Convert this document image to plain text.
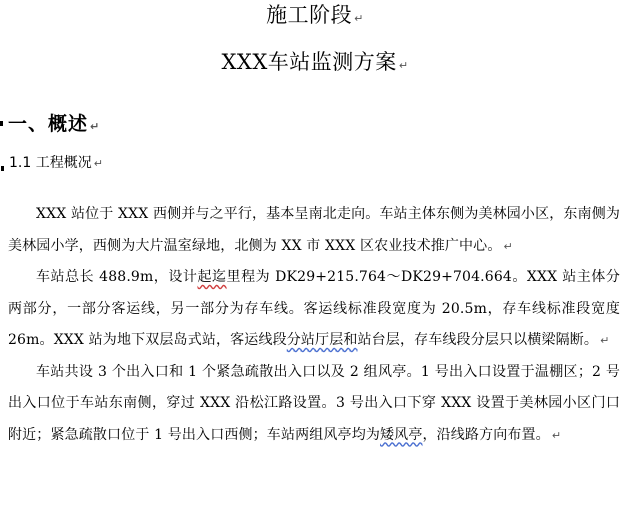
施工阶段 ↵
XXX车站监测方案 ↵
一、概述 ↵
1.1 工程概况 ↵

XXX 站位于 XXX 西侧并与之平行，基本呈南北走向。车站主体东侧为美林园小区，东南侧为美林园小学，西侧为大片温室绿地，北侧为 XX 市 XXX 区农业技术推广中心。 ↵

车站总长 488.9m，设计起迄里程为 DK29+215.764～DK29+704.664。XXX 站主体分两部分，一部分客运线，另一部分为存车线。客运线标准段宽度为 20.5m，存车线标准段宽度 26m。XXX 站为地下双层岛式站，客运线段分站厅层和站台层，存车线段分层只以横梁隔断。 ↵

车站共设 3 个出入口和 1 个紧急疏散出入口以及 2 组风亭。1 号出入口设置于温棚区；2 号出入口位于车站东南侧，穿过 XXX 沿松江路设置。3 号出入口下穿 XXX 设置于美林园小区门口附近；紧急疏散口位于 1 号出入口西侧；车站两组风亭均为矮风亭，沿线路方向布置。 ↵
